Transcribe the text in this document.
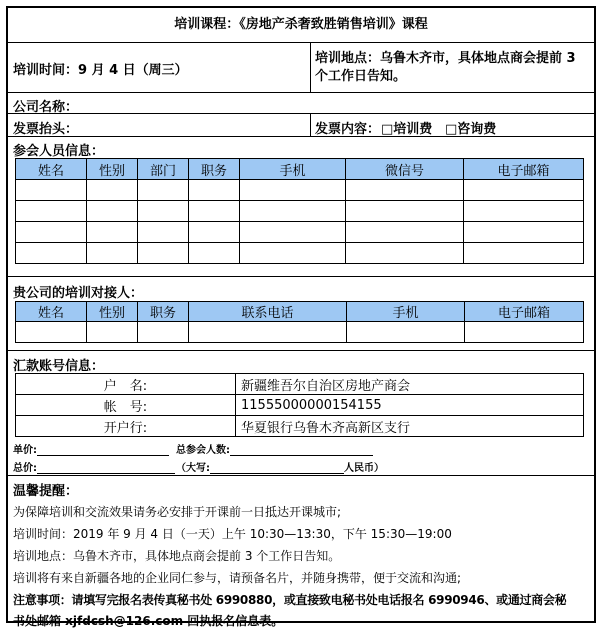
培训课程：《房地产杀奢致胜销售培训》课程
培训时间：9 月 4 日（周三）
培训地点：乌鲁木齐市，具体地点商会提前 3 个工作日告知。
公司名称：
发票抬头：	发票内容： □培训费 □咨询费
参会人员信息：
姓名	性别	部门	职务	手机	微信号	电子邮箱

贵公司的培训对接人：
姓名	性别	职务	联系电话	手机	电子邮箱

汇款账号信息：
户　名:	新疆维吾尔自治区房地产商会
帐　号:	11555000000154155
开户行:	华夏银行乌鲁木齐高新区支行
单价:	总参会人数:
总价:	（大写:	人民币）
温馨提醒：
为保障培训和交流效果请务必安排于开课前一日抵达开课城市;
培训时间：2019 年 9 月 4 日（一天）上午 10:30—13:30，下午 15:30—19:00
培训地点：乌鲁木齐市，具体地点商会提前 3 个工作日告知。
培训将有来自新疆各地的企业同仁参与，请预备名片，并随身携带，便于交流和沟通;
注意事项：请填写完报名表传真秘书处 6990880，或直接致电秘书处电话报名 6990946、或通过商会秘
书处邮箱 xjfdcsh@126.com 回执报名信息表。
